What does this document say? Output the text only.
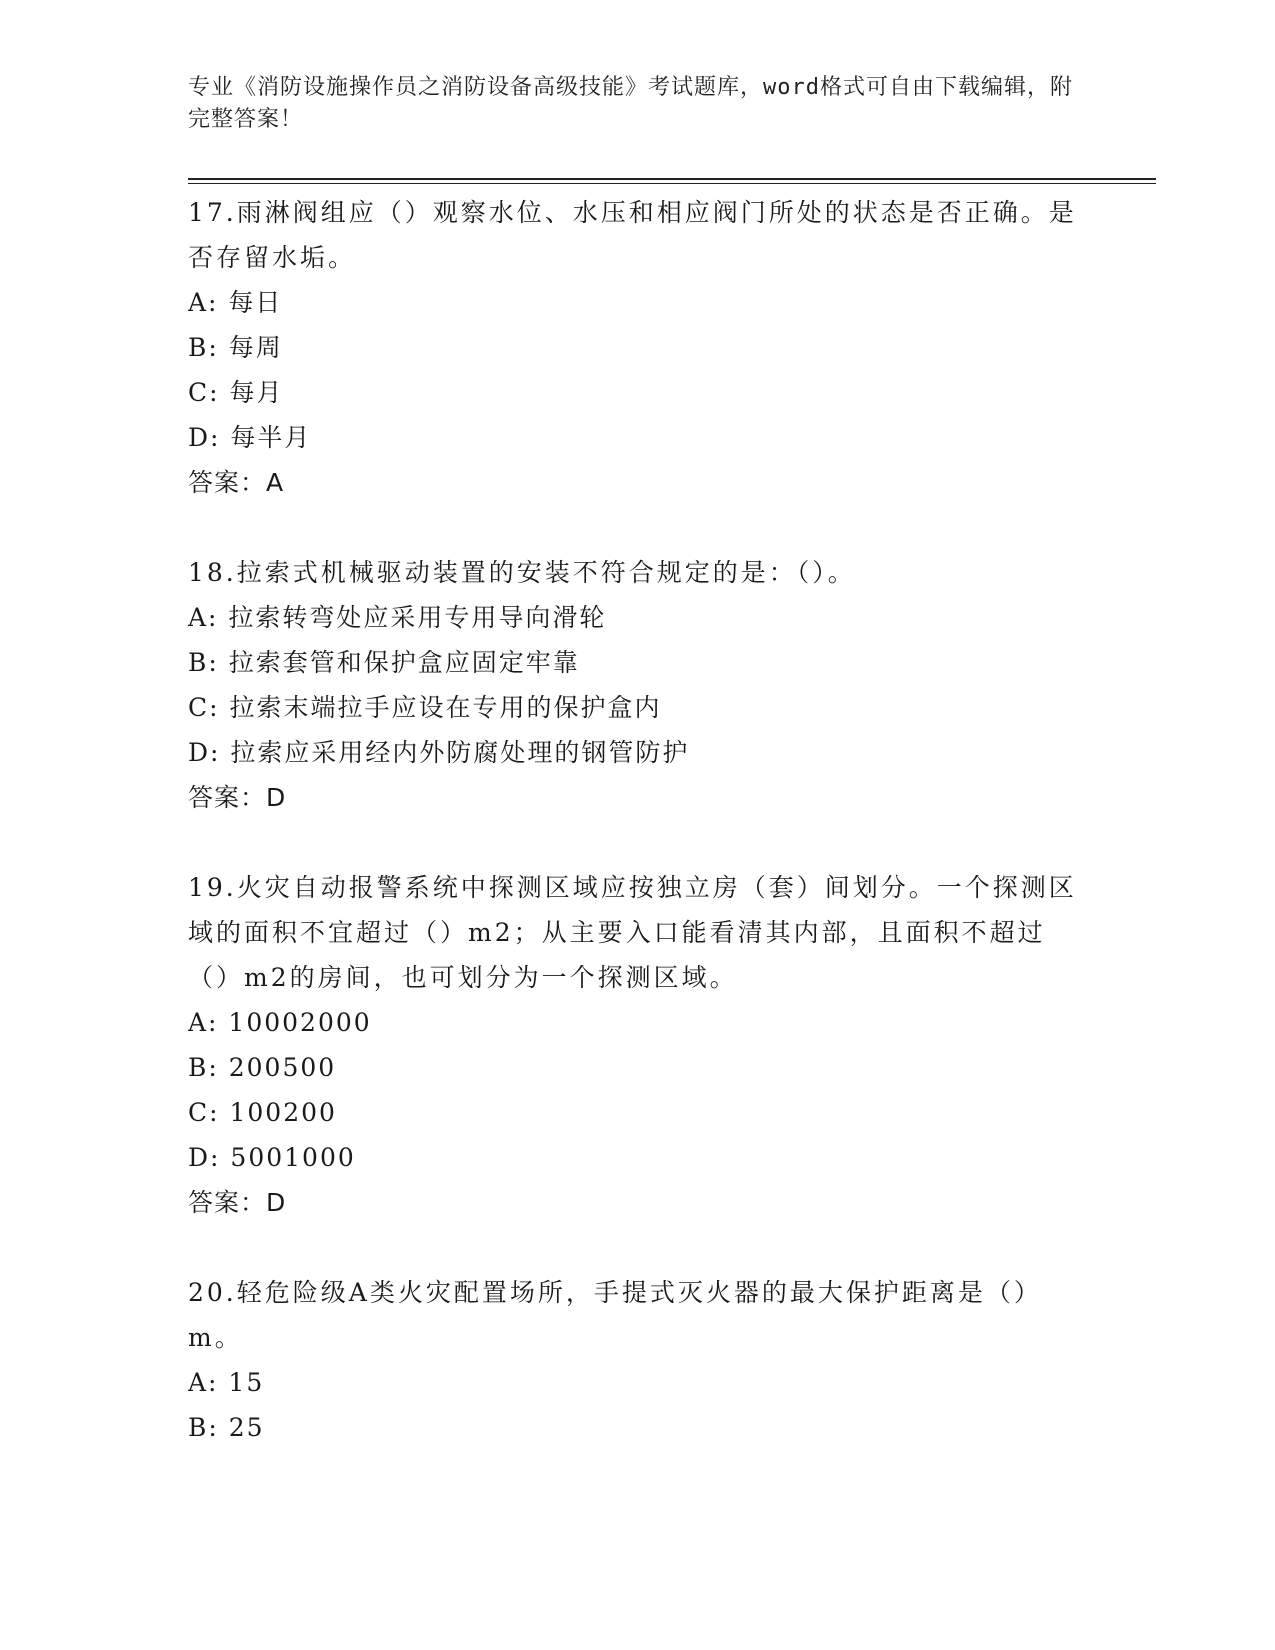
专业《消防设施操作员之消防设备高级技能》考试题库，word格式可自由下载编辑，附完整答案！

17.雨淋阀组应（）观察水位、水压和相应阀门所处的状态是否正确。是否存留水垢。

A: 每日

B: 每周

C: 每月

D: 每半月

答案：A

18.拉索式机械驱动装置的安装不符合规定的是：（）。

A: 拉索转弯处应采用专用导向滑轮

B: 拉索套管和保护盒应固定牢靠

C: 拉索末端拉手应设在专用的保护盒内

D: 拉索应采用经内外防腐处理的钢管防护

答案：D

19.火灾自动报警系统中探测区域应按独立房（套）间划分。一个探测区域的面积不宜超过（）m2；从主要入口能看清其内部，且面积不超过（）m2的房间，也可划分为一个探测区域。

A: 10002000

B: 200500

C: 100200

D: 5001000

答案：D

20.轻危险级A类火灾配置场所，手提式灭火器的最大保护距离是（）m。

A: 15

B: 25
